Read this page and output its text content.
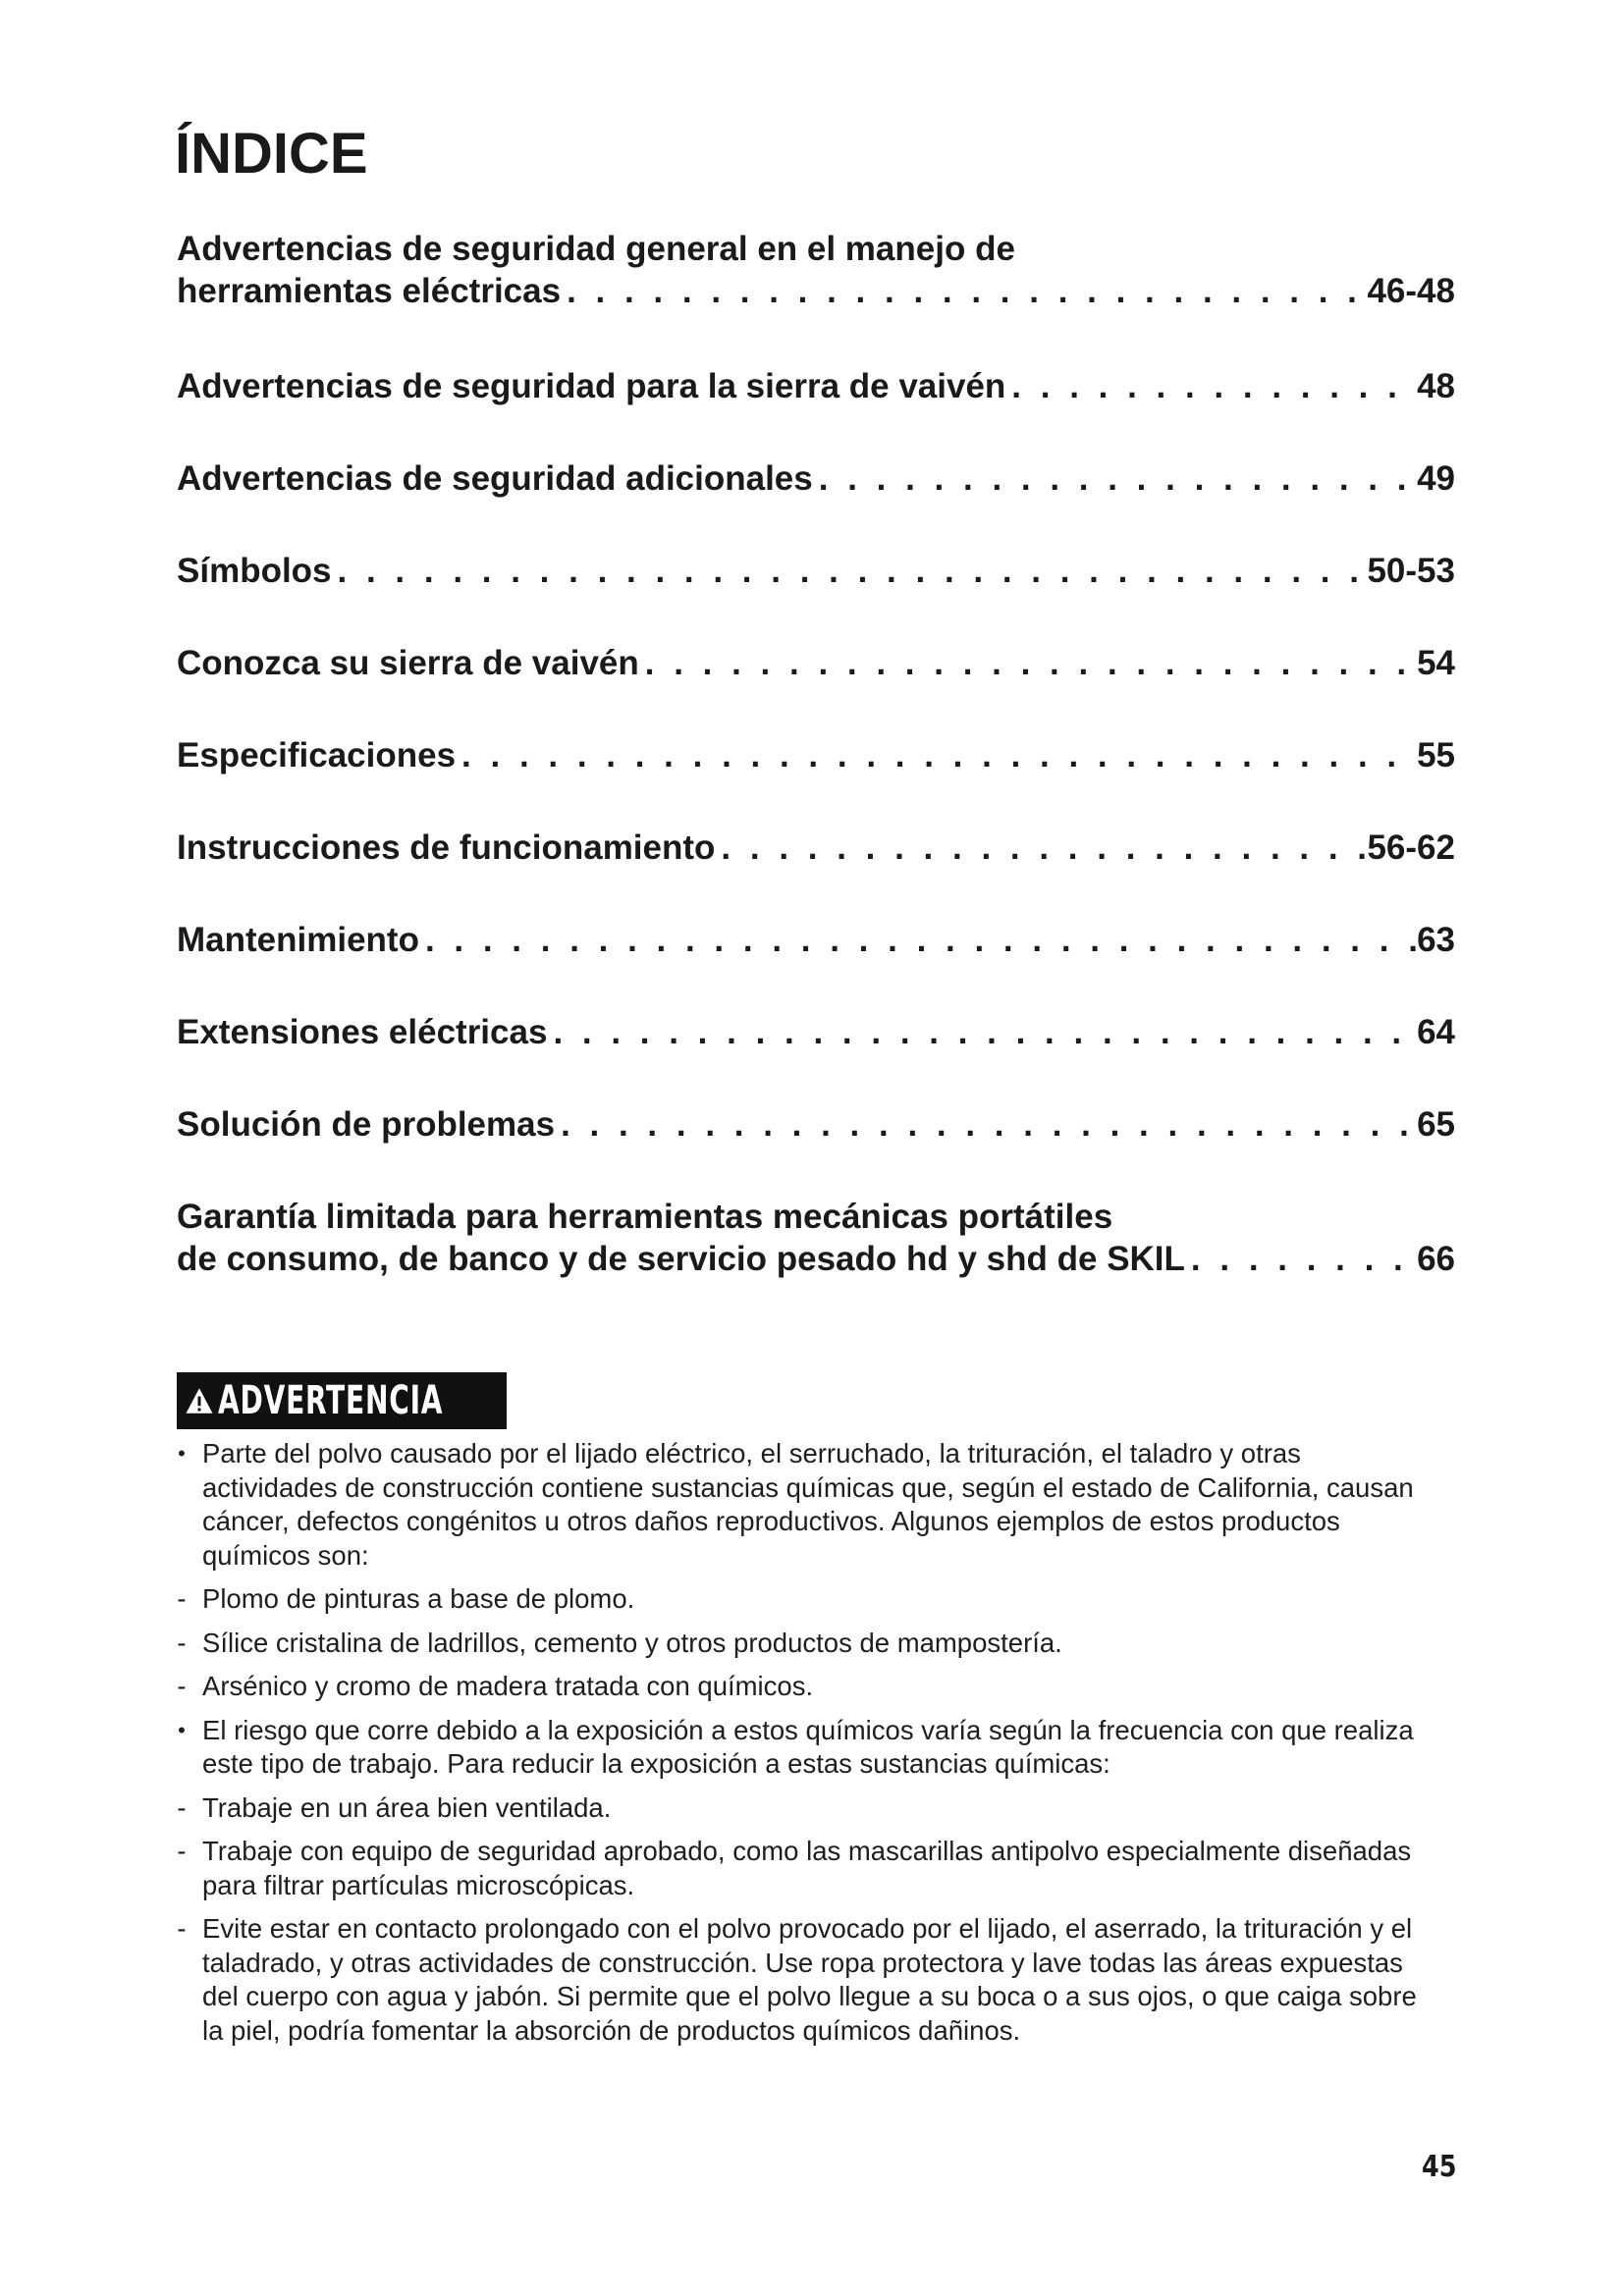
ÍNDICE
Advertencias de seguridad general en el manejo de
herramientas eléctricas . . .	46-48
Advertencias de seguridad para la sierra de vaivén . . .	48
Advertencias de seguridad adicionales . . .	49
Símbolos . . .	50-53
Conozca su sierra de vaivén . . .	54
Especificaciones . . .	55
Instrucciones de funcionamiento . . .	56-62
Mantenimiento . . .	63
Extensiones eléctricas . . .	64
Solución de problemas . . .	65
Garantía limitada para herramientas mecánicas portátiles
de consumo, de banco y de servicio pesado hd y shd de SKIL . . .	66
ADVERTENCIA
• Parte del polvo causado por el lijado eléctrico, el serruchado, la trituración, el taladro y otras actividades de construcción contiene sustancias químicas que, según el estado de California, causan cáncer, defectos congénitos u otros daños reproductivos. Algunos ejemplos de estos productos químicos son:
- Plomo de pinturas a base de plomo.
- Sílice cristalina de ladrillos, cemento y otros productos de mampostería.
- Arsénico y cromo de madera tratada con químicos.
• El riesgo que corre debido a la exposición a estos químicos varía según la frecuencia con que realiza este tipo de trabajo. Para reducir la exposición a estas sustancias químicas:
- Trabaje en un área bien ventilada.
- Trabaje con equipo de seguridad aprobado, como las mascarillas antipolvo especialmente diseñadas para filtrar partículas microscópicas.
- Evite estar en contacto prolongado con el polvo provocado por el lijado, el aserrado, la trituración y el taladrado, y otras actividades de construcción. Use ropa protectora y lave todas las áreas expuestas del cuerpo con agua y jabón. Si permite que el polvo llegue a su boca o a sus ojos, o que caiga sobre la piel, podría fomentar la absorción de productos químicos dañinos.
45
